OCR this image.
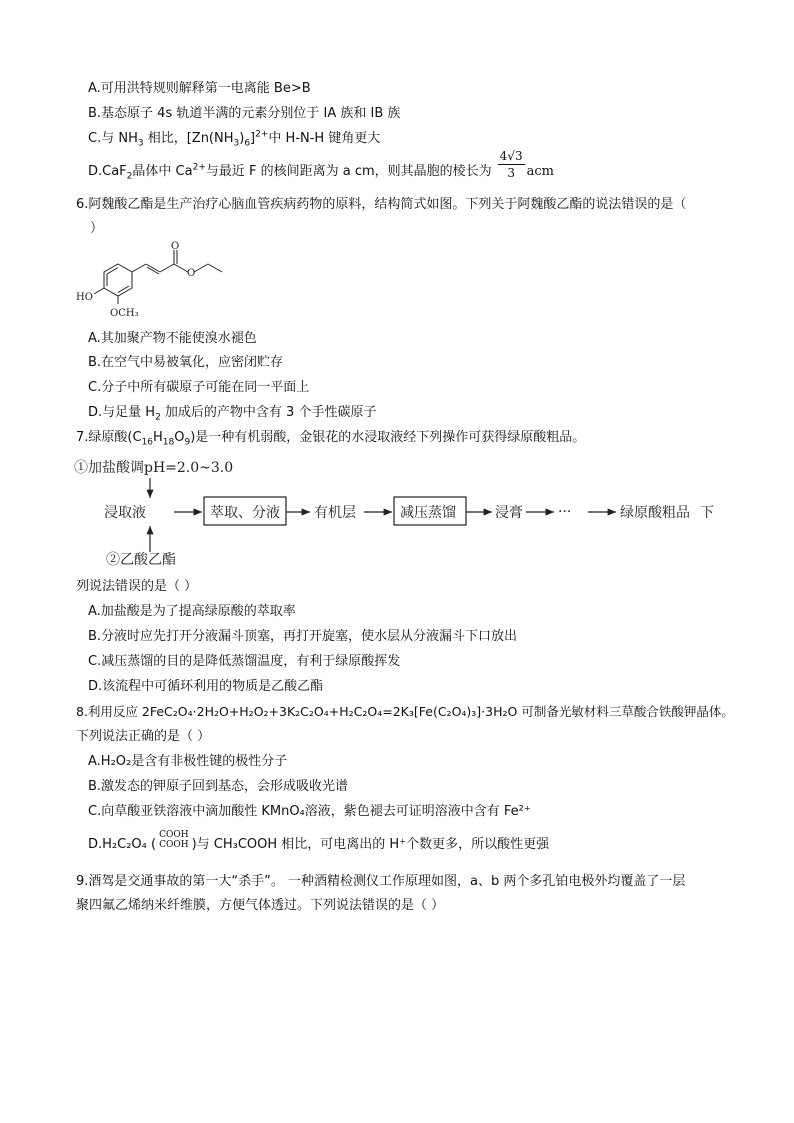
A.可用洪特规则解释第一电离能 Be>B
B.基态原子 4s 轨道半满的元素分别位于 IA 族和 IB 族
C.与 $NH_3$ 相比，$[Zn(NH_3)_6]^{2+}$中 H-N-H 键角更大
D.CaF$_2$晶体中 $Ca^{2+}$与最近 F 的核间距离为 a cm，则其晶胞的棱长为 $\frac{4√3}{3}$ acm
6.阿魏酸乙酯是生产治疗心脑血管疾病药物的原料，结构简式如图。下列关于阿魏酸乙酯的说法错误的是（
）
O
O
HO
OCH₃
A.其加聚产物不能使溴水褪色
B.在空气中易被氧化，应密闭贮存
C.分子中所有碳原子可能在同一平面上
D.与足量 $H_2$ 加成后的产物中含有 3 个手性碳原子
7.绿原酸$(C_{16}H_{18}O_9)$是一种有机弱酸，金银花的水浸取液经下列操作可获得绿原酸粗品。
①加盐酸调pH=2.0~3.0
浸取液
②乙酸乙酯
萃取、分液 有机层	减压蒸馏	浸膏	···	绿原酸粗品 下
列说法错误的是（ ）
A.加盐酸是为了提高绿原酸的萃取率
B.分液时应先打开分液漏斗顶塞，再打开旋塞，使水层从分液漏斗下口放出
C.减压蒸馏的目的是降低蒸馏温度，有利于绿原酸挥发
D.该流程中可循环利用的物质是乙酸乙酯
8.利用反应 2FeC₂O₄·2H₂O+H₂O₂+3K₂C₂O₄+H₂C₂O₄=2K₃[Fe(C₂O₄)₃]·3H₂O 可制备光敏材料三草酸合铁酸钾晶体。
下列说法正确的是（ ）
A.H₂O₂是含有非极性键的极性分子
B.激发态的钾原子回到基态，会形成吸收光谱
C.向草酸亚铁溶液中滴加酸性 KMnO₄溶液，紫色褪去可证明溶液中含有 Fe²⁺
D.H₂C₂O₄ (
COOH
COOH )与 CH₃COOH 相比，可电离出的 H⁺个数更多，所以酸性更强
9.酒驾是交通事故的第一大“杀手”。 一种酒精检测仪工作原理如图，a、b 两个多孔铂电极外均覆盖了一层
聚四氟乙烯纳米纤维膜，方便气体透过。下列说法错误的是（ ）
